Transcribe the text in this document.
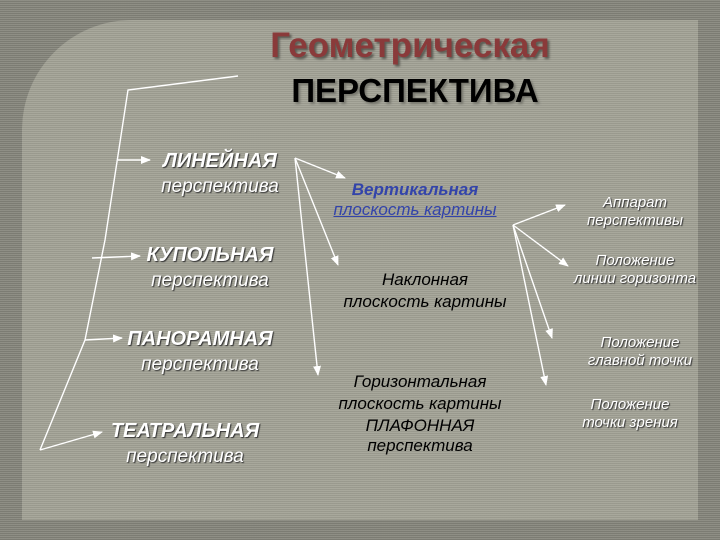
Геометрическая
ПЕРСПЕКТИВА
ЛИНЕЙНАЯ
перспектива
КУПОЛЬНАЯ
перспектива
ПАНОРАМНАЯ
перспектива
ТЕАТРАЛЬНАЯ
перспектива
Вертикальная
плоскость картины
Наклонная
плоскость картины
Горизонтальная
плоскость картины
ПЛАФОННАЯ
перспектива
Аппарат
перспективы
Положение
линии горизонта
Положение
главной точки
Положение
точки зрения
